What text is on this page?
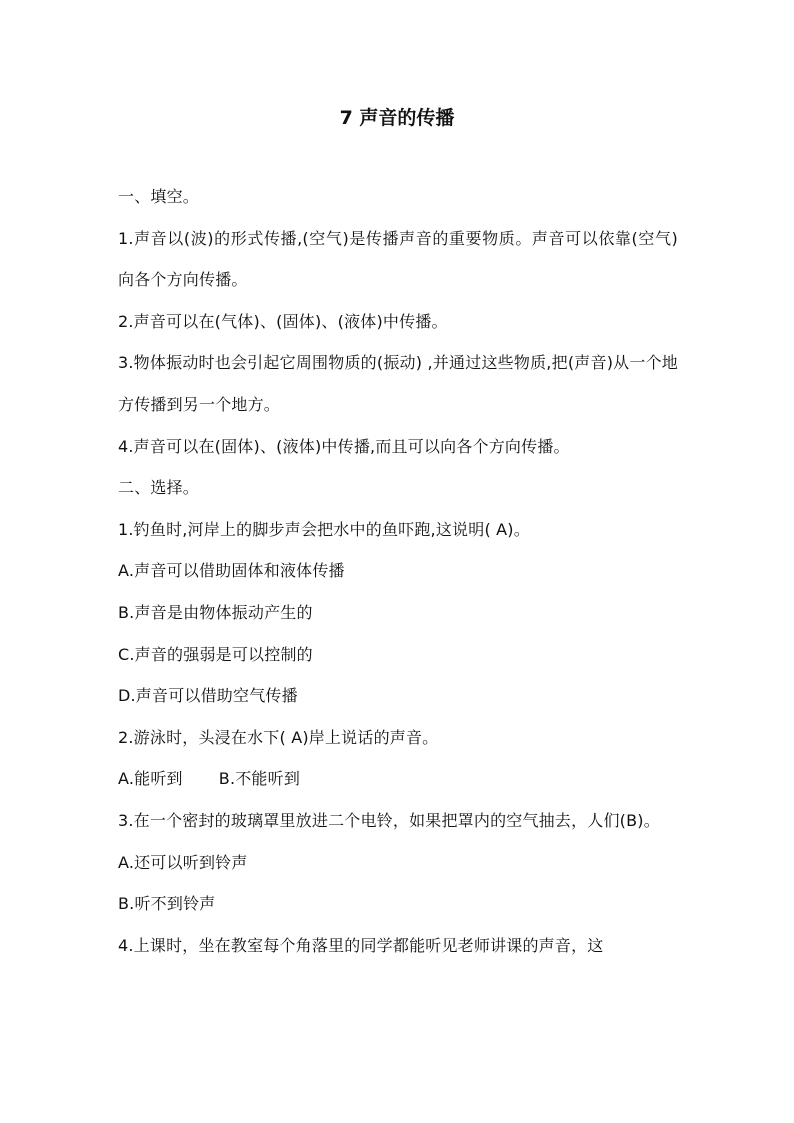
7 声音的传播

一、填空。

1.声音以(波)的形式传播,(空气)是传播声音的重要物质。声音可以依靠(空气)向各个方向传播。

2.声音可以在(气体)、(固体)、(液体)中传播。

3.物体振动时也会引起它周围物质的(振动) ,并通过这些物质,把(声音)从一个地方传播到另一个地方。

4.声音可以在(固体)、(液体)中传播,而且可以向各个方向传播。

二、选择。

1.钓鱼时,河岸上的脚步声会把水中的鱼吓跑,这说明( A)。

A.声音可以借助固体和液体传播

B.声音是由物体振动产生的

C.声音的强弱是可以控制的

D.声音可以借助空气传播

2.游泳时，头浸在水下( A)岸上说话的声音。

A.能听到 B.不能听到

3.在一个密封的玻璃罩里放进二个电铃，如果把罩内的空气抽去，人们(B)。

A.还可以听到铃声

B.听不到铃声

4.上课时，坐在教室每个角落里的同学都能听见老师讲课的声音，这
